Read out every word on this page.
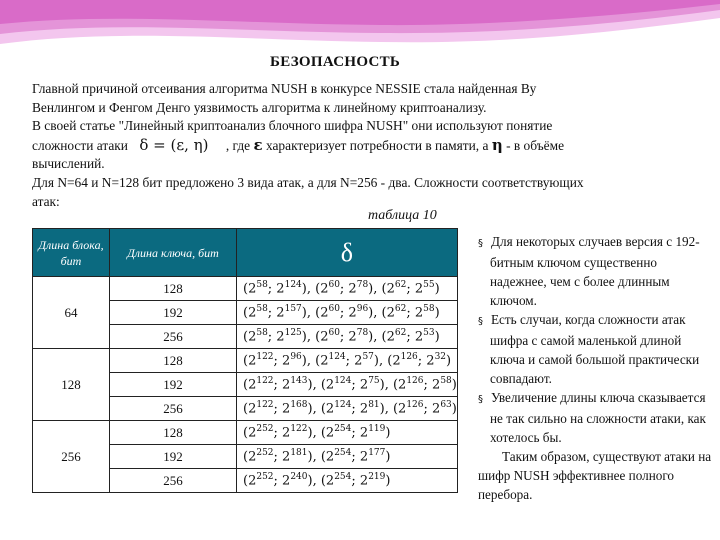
БЕЗОПАСНОСТЬ
Главной причиной отсеивания алгоритма NUSH в конкурсе NESSIE стала найденная Ву
Венлингом и Фенгом Денго уязвимость алгоритма к линейному криптоанализу.
В своей статье "Линейный криптоанализ блочного шифра NUSH" они используют понятие
сложности атаки δ = (ε, η) , где ε характеризует потребности в памяти, а η - в объёме
вычислений.
Для N=64 и N=128 бит предложено 3 вида атак, а для N=256 - два. Сложности соответствующих
атак:
таблица 10
Длина блока, бит	Длина ключа, бит	δ
64	128	($2^{58}$; $2^{124}$), ($2^{60}$; $2^{78}$), ($2^{62}$; $2^{55}$)
	192	($2^{58}$; $2^{157}$), ($2^{60}$; $2^{96}$), ($2^{62}$; $2^{58}$)
	256	($2^{58}$; $2^{125}$), ($2^{60}$; $2^{78}$), ($2^{62}$; $2^{53}$)
128	128	($2^{122}$; $2^{96}$), ($2^{124}$; $2^{57}$), ($2^{126}$; $2^{32}$)
	192	($2^{122}$; $2^{143}$), ($2^{124}$; $2^{75}$), ($2^{126}$; $2^{58}$)
	256	($2^{122}$; $2^{168}$), ($2^{124}$; $2^{81}$), ($2^{126}$; $2^{63}$)
256	128	($2^{252}$; $2^{122}$), ($2^{254}$; $2^{119}$)
	192	($2^{252}$; $2^{181}$), ($2^{254}$; $2^{177}$)
	256	($2^{252}$; $2^{240}$), ($2^{254}$; $2^{219}$)

§ Для некоторых случаев версия с 192-битным ключом существенно надежнее, чем с более длинным ключом.

§ Есть случаи, когда сложности атак шифра с самой маленькой длиной ключа и самой большой практически совпадают.

§ Увеличение длины ключа сказывается не так сильно на сложности атаки, как хотелось бы.

Таким образом, существуют атаки на шифр NUSH эффективнее полного перебора.
